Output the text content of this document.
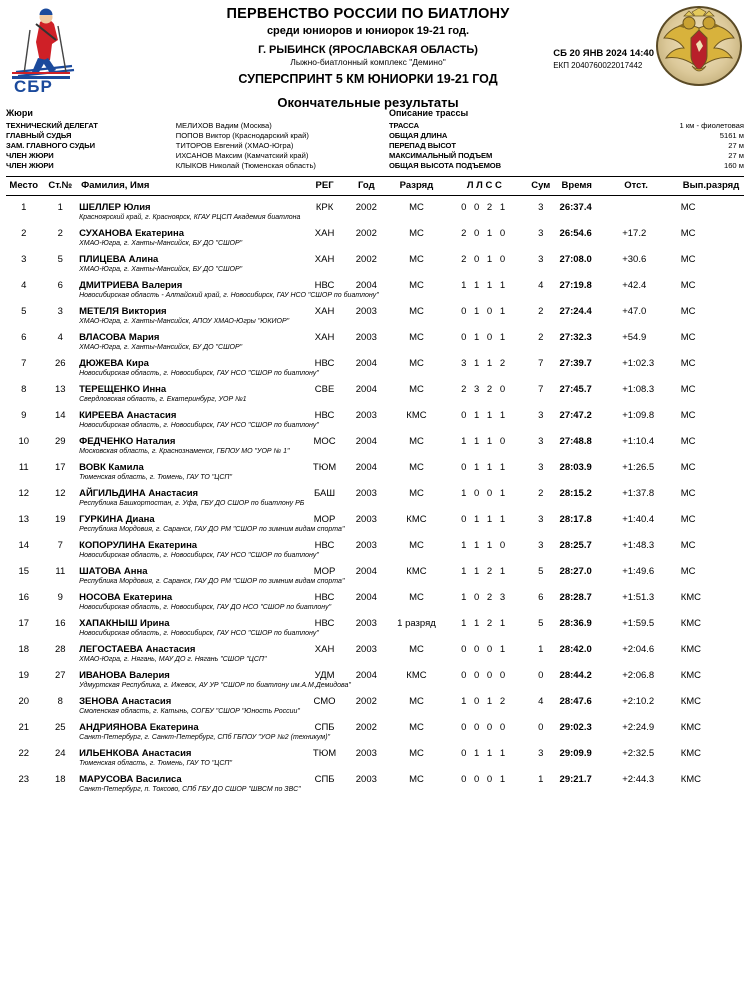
СБР
ПЕРВЕНСТВО РОССИИ ПО БИАТЛОНУ
среди юниоров и юниорок 19-21 год.
Г. РЫБИНСК (ЯРОСЛАВСКАЯ ОБЛАСТЬ)
Лыжно-биатлонный комплекс "Демино"
СУПЕРСПРИНТ 5 КМ ЮНИОРКИ 19-21 ГОД
Окончательные результаты
СБ 20 ЯНВ 2024 14:40
ЕКП 2040760022017442
Жюри
ТЕХНИЧЕСКИЙ ДЕЛЕГАТ	МЕЛИХОВ Вадим (Москва)
ГЛАВНЫЙ СУДЬЯ	ПОПОВ Виктор (Краснодарский край)
ЗАМ. ГЛАВНОГО СУДЬИ	ТИТОРОВ Евгений (ХМАО-Югра)
ЧЛЕН ЖЮРИ	ИХСАНОВ Максим (Камчатский край)
ЧЛЕН ЖЮРИ	КЛЫКОВ Николай (Тюменская область)
Описание трассы
ТРАССА	1 км - фиолетовая
ОБЩАЯ ДЛИНА	5161 м
ПЕРЕПАД ВЫСОТ	27 м
МАКСИМАЛЬНЫЙ ПОДЪЕМ	27 м
ОБЩАЯ ВЫСОТА ПОДЪЕМОВ	160 м
Место	Ст.№	Фамилия, Имя	РЕГ	Год	Разряд	Л Л С С	Сум	Время	Отст.	Вып.разряд
1	1	ШЕЛЛЕР Юлия	КРК	2002	МС	0 0 2 1	3	26:37.4		МС
		Красноярский край, г. Красноярск, КГАУ РЦСП Академия биатлона								
2	2	СУХАНОВА Екатерина	ХАН	2002	МС	2 0 1 0	3	26:54.6	+17.2	МС
		ХМАО-Югра, г. Ханты-Мансийск, БУ ДО "СШОР"								
3	5	ПЛИЦЕВА Алина	ХАН	2002	МС	2 0 1 0	3	27:08.0	+30.6	МС
		ХМАО-Югра, г. Ханты-Мансийск, БУ ДО "СШОР"								
4	6	ДМИТРИЕВА Валерия	НВС	2004	МС	1 1 1 1	4	27:19.8	+42.4	МС
		Новосибирская область - Алтайский край, г. Новосибирск, ГАУ НСО "СШОР по биатлону"								
5	3	МЕТЕЛЯ Виктория	ХАН	2003	МС	0 1 0 1	2	27:24.4	+47.0	МС
		ХМАО-Югра, г. Ханты-Мансийск, АПОУ ХМАО-Югры "ЮКИОР"								
6	4	ВЛАСОВА Мария	ХАН	2003	МС	0 1 0 1	2	27:32.3	+54.9	МС
		ХМАО-Югра, г. Ханты-Мансийск, БУ ДО "СШОР"								
7	26	ДЮЖЕВА Кира	НВС	2004	МС	3 1 1 2	7	27:39.7	+1:02.3	МС
		Новосибирская область, г. Новосибирск, ГАУ НСО "СШОР по биатлону"								
8	13	ТЕРЕЩЕНКО Инна	СВЕ	2004	МС	2 3 2 0	7	27:45.7	+1:08.3	МС
		Свердловская область, г. Екатеринбург, УОР №1								
9	14	КИРЕЕВА Анастасия	НВС	2003	КМС	0 1 1 1	3	27:47.2	+1:09.8	МС
		Новосибирская область, г. Новосибирск, ГАУ НСО "СШОР по биатлону"								
10	29	ФЕДЧЕНКО Наталия	МОС	2004	МС	1 1 1 0	3	27:48.8	+1:10.4	МС
		Московская область, г. Краснознаменск, ГБПОУ МО "УОР № 1"								
11	17	ВОВК Камила	ТЮМ	2004	МС	0 1 1 1	3	28:03.9	+1:26.5	МС
		Тюменская область, г. Тюмень, ГАУ ТО "ЦСП"								
12	12	АЙГИЛЬДИНА Анастасия	БАШ	2003	МС	1 0 0 1	2	28:15.2	+1:37.8	МС
		Республика Башкортостан, г. Уфа, ГБУ ДО СШОР по биатлону РБ								
13	19	ГУРКИНА Диана	МОР	2003	КМС	0 1 1 1	3	28:17.8	+1:40.4	МС
		Республика Мордовия, г. Саранск, ГАУ ДО РМ "СШОР по зимним видам спорта"								
14	7	КОПОРУЛИНА Екатерина	НВС	2003	МС	1 1 1 0	3	28:25.7	+1:48.3	МС
		Новосибирская область, г. Новосибирск, ГАУ НСО "СШОР по биатлону"								
15	11	ШАТОВА Анна	МОР	2004	КМС	1 1 2 1	5	28:27.0	+1:49.6	МС
		Республика Мордовия, г. Саранск, ГАУ ДО РМ "СШОР по зимним видам спорта"								
16	9	НОСОВА Екатерина	НВС	2004	МС	1 0 2 3	6	28:28.7	+1:51.3	КМС
		Новосибирская область, г. Новосибирск, ГАУ ДО НСО "СШОР по биатлону"								
17	16	ХАПАКНЫШ Ирина	НВС	2003	1 разряд	1 1 2 1	5	28:36.9	+1:59.5	КМС
		Новосибирская область, г. Новосибирск, ГАУ НСО "СШОР по биатлону"								
18	28	ЛЕГОСТАЕВА Анастасия	ХАН	2003	МС	0 0 0 1	1	28:42.0	+2:04.6	КМС
		ХМАО-Югра, г. Нягань, МАУ ДО г. Нягань "СШОР "ЦСП"								
19	27	ИВАНОВА Валерия	УДМ	2004	КМС	0 0 0 0	0	28:44.2	+2:06.8	КМС
		Удмуртская Республика, г. Ижевск, АУ УР "СШОР по биатлону им.А.М.Демидова"								
20	8	ЗЕНОВА Анастасия	СМО	2002	МС	1 0 1 2	4	28:47.6	+2:10.2	КМС
		Смоленская область, г. Катынь, СОГБУ "СШОР "Юность России"								
21	25	АНДРИЯНОВА Екатерина	СПБ	2002	МС	0 0 0 0	0	29:02.3	+2:24.9	КМС
		Санкт-Петербург, г. Санкт-Петербург, СПб ГБПОУ "УОР №2 (техникум)"								
22	24	ИЛЬЕНКОВА Анастасия	ТЮМ	2003	МС	0 1 1 1	3	29:09.9	+2:32.5	КМС
		Тюменская область, г. Тюмень, ГАУ ТО "ЦСП"								
23	18	МАРУСОВА Василиса	СПБ	2003	МС	0 0 0 1	1	29:21.7	+2:44.3	КМС
		Санкт-Петербург, п. Токсово, СПб ГБУ ДО СШОР "ШВСМ по ЗВС"								
